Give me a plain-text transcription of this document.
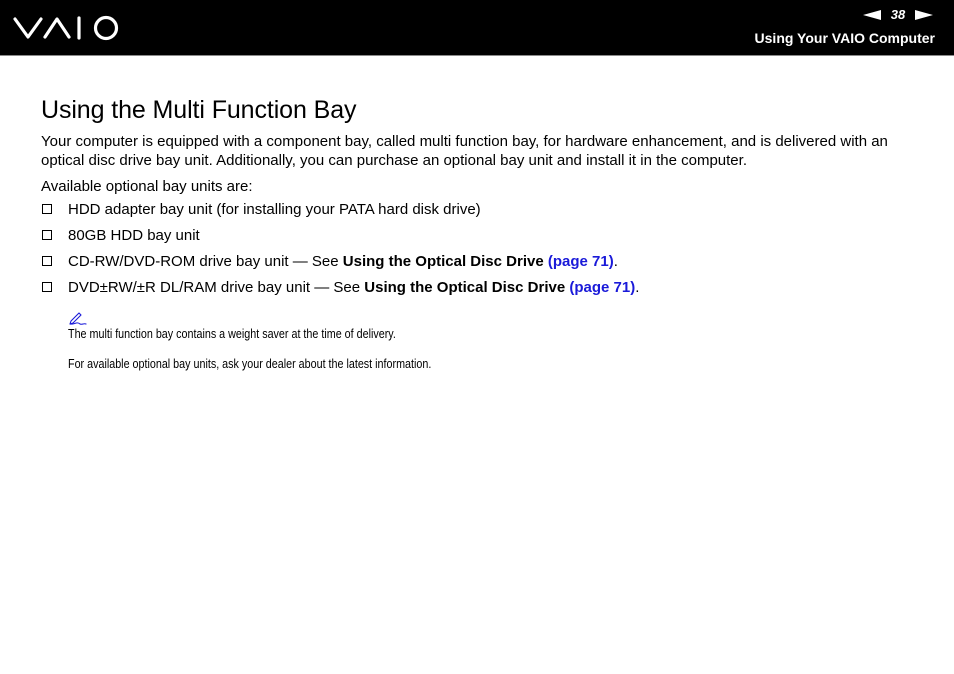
38
Using Your VAIO Computer
Using the Multi Function Bay

Your computer is equipped with a component bay, called multi function bay, for hardware enhancement, and is delivered with an optical disc drive bay unit. Additionally, you can purchase an optional bay unit and install it in the computer.

Available optional bay units are:

HDD adapter bay unit (for installing your PATA hard disk drive)
80GB HDD bay unit
CD-RW/DVD-ROM drive bay unit — See Using the Optical Disc Drive (page 71).
DVD±RW/±R DL/RAM drive bay unit — See Using the Optical Disc Drive (page 71).

The multi function bay contains a weight saver at the time of delivery.

For available optional bay units, ask your dealer about the latest information.
